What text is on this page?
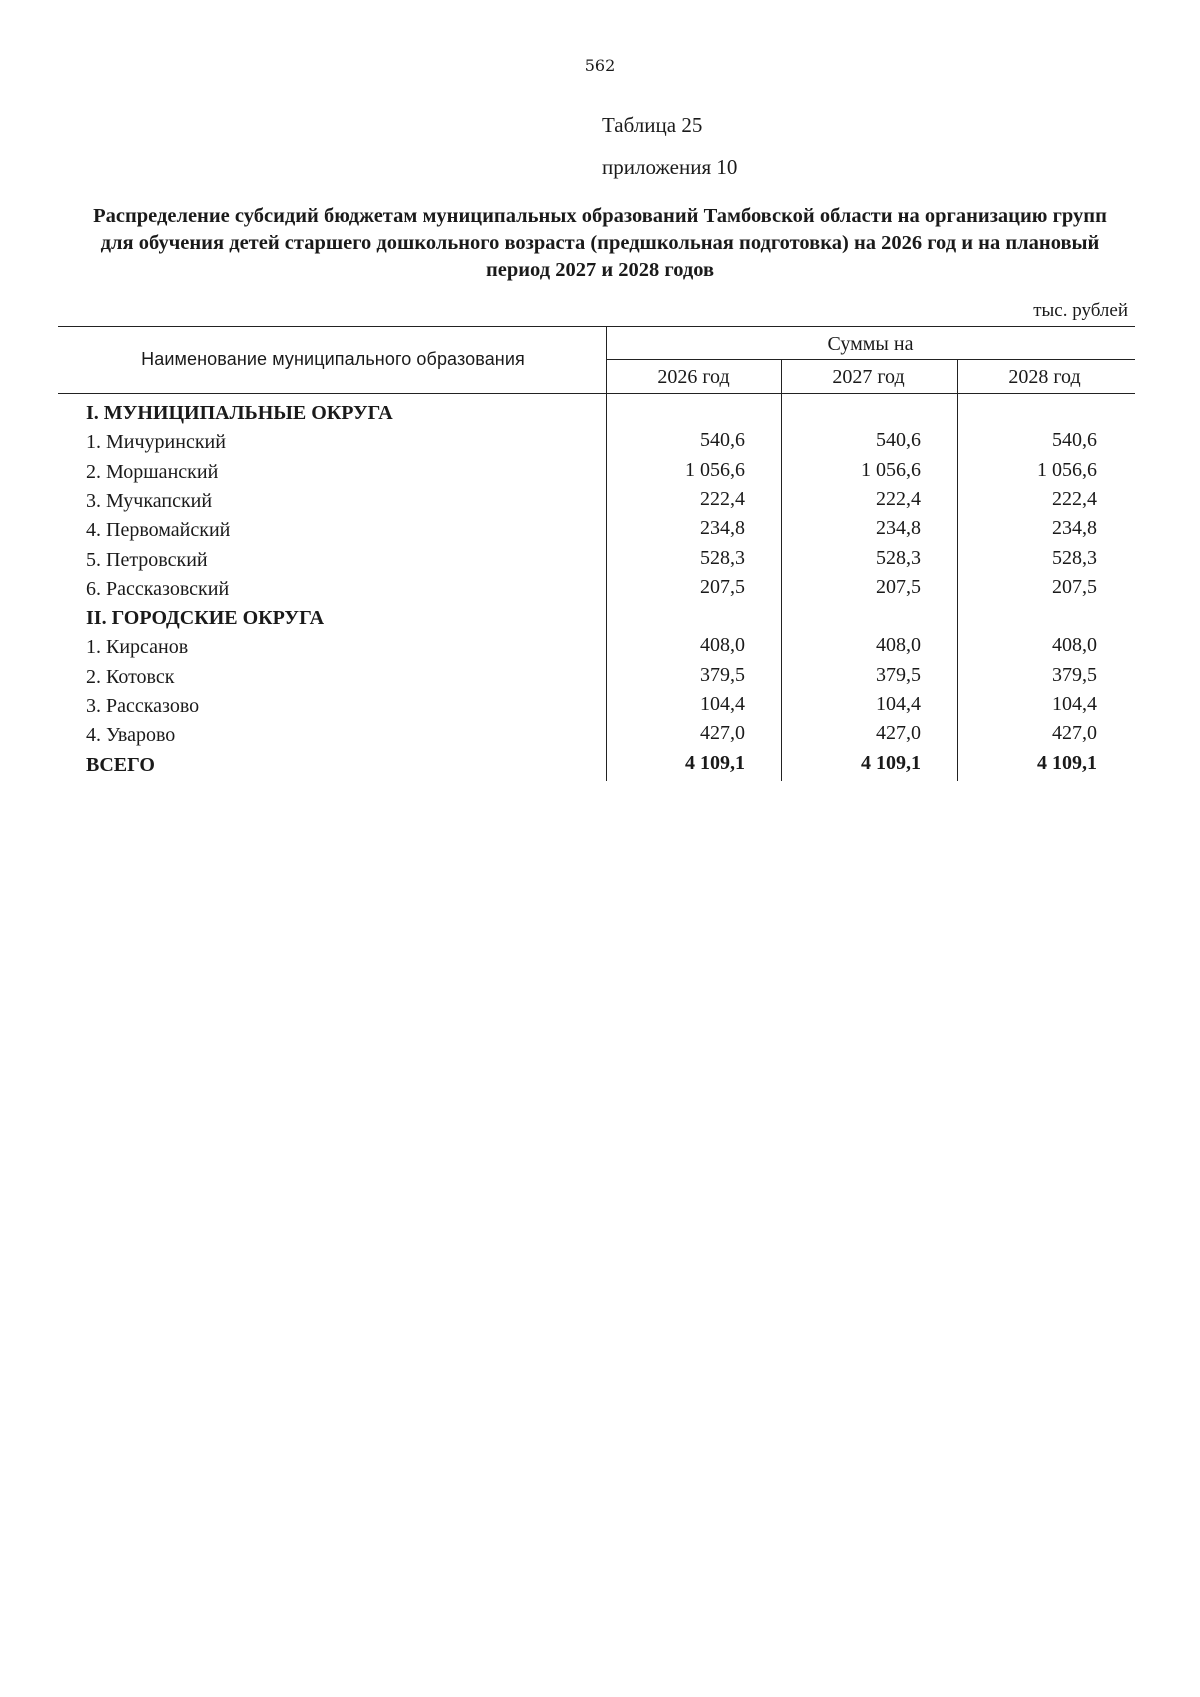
562
Таблица 25
приложения 10
Распределение субсидий бюджетам муниципальных образований Тамбовской области на организацию групп для обучения детей старшего дошкольного возраста (предшкольная подготовка) на 2026 год и на плановый период 2027 и 2028 годов
тыс. рублей
Наименование муниципального образования
Суммы на
2026 год	2027 год	2028 год
I. МУНИЦИПАЛЬНЫЕ ОКРУГА
1. Мичуринский	540,6	540,6	540,6
2. Моршанский	1 056,6	1 056,6	1 056,6
3. Мучкапский	222,4	222,4	222,4
4. Первомайский	234,8	234,8	234,8
5. Петровский	528,3	528,3	528,3
6. Рассказовский	207,5	207,5	207,5
II. ГОРОДСКИЕ ОКРУГА
1. Кирсанов	408,0	408,0	408,0
2. Котовск	379,5	379,5	379,5
3. Рассказово	104,4	104,4	104,4
4. Уварово	427,0	427,0	427,0
ВСЕГО	4 109,1	4 109,1	4 109,1
